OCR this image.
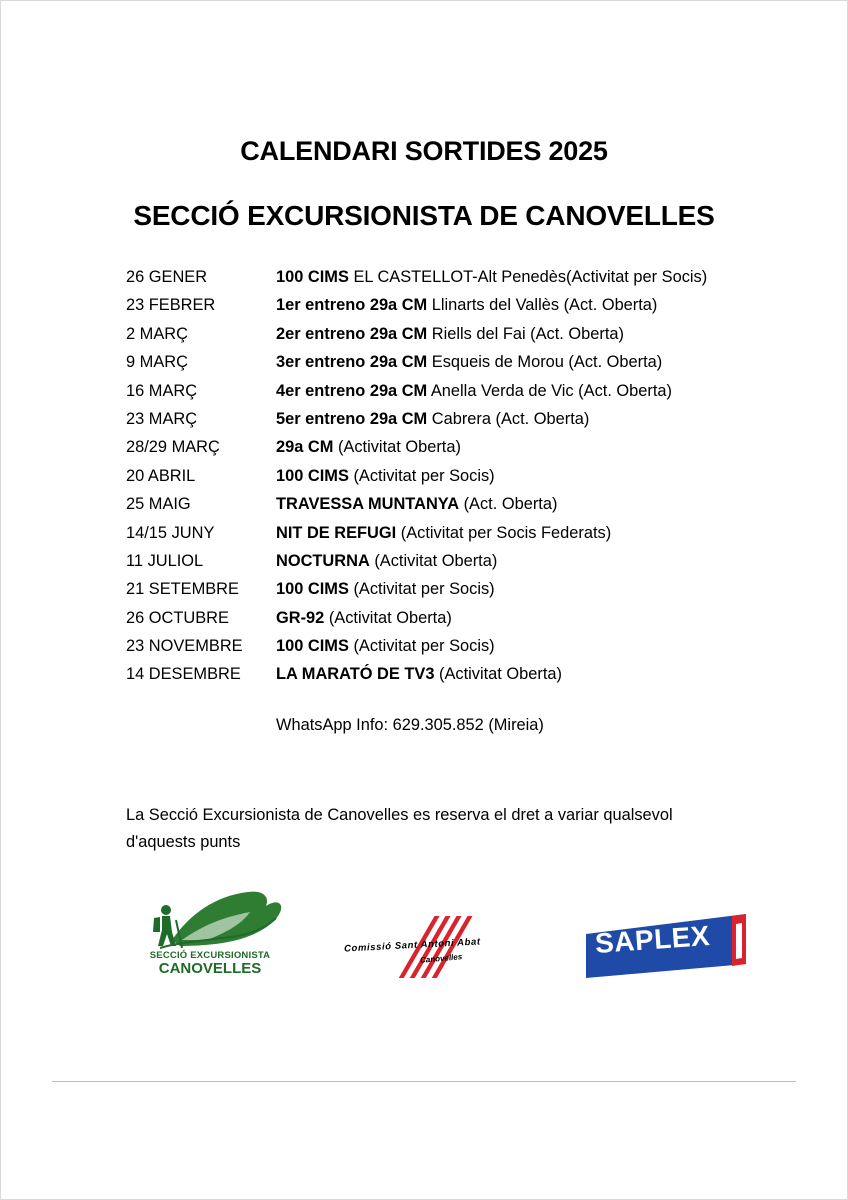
CALENDARI SORTIDES 2025
SECCIÓ EXCURSIONISTA DE CANOVELLES
26 GENER	100 CIMS EL CASTELLOT-Alt Penedès(Activitat per Socis)
23 FEBRER	1er entreno 29a CM Llinarts del Vallès (Act. Oberta)
2 MARÇ	2er entreno 29a CM Riells del Fai (Act. Oberta)
9 MARÇ	3er entreno 29a CM Esqueis de Morou (Act. Oberta)
16 MARÇ	4er entreno 29a CM Anella Verda de Vic (Act. Oberta)
23 MARÇ	5er entreno 29a CM Cabrera (Act. Oberta)
28/29 MARÇ	29a CM (Activitat Oberta)
20 ABRIL	100 CIMS (Activitat per Socis)
25 MAIG	TRAVESSA MUNTANYA (Act. Oberta)
14/15 JUNY	NIT DE REFUGI (Activitat per Socis Federats)
11 JULIOL	NOCTURNA (Activitat Oberta)
21 SETEMBRE 100 CIMS (Activitat per Socis)
26 OCTUBRE	GR-92 (Activitat Oberta)
23 NOVEMBRE 100 CIMS (Activitat per Socis)
14 DESEMBRE LA MARATÓ DE TV3 (Activitat Oberta)
WhatsApp Info: 629.305.852 (Mireia)
La Secció Excursionista de Canovelles es reserva el dret a variar qualsevol d'aquests punts
SECCIÓ EXCURSIONISTA
CANOVELLES
Comissió Sant Antoni Abat
Canovelles	SAPLEX
